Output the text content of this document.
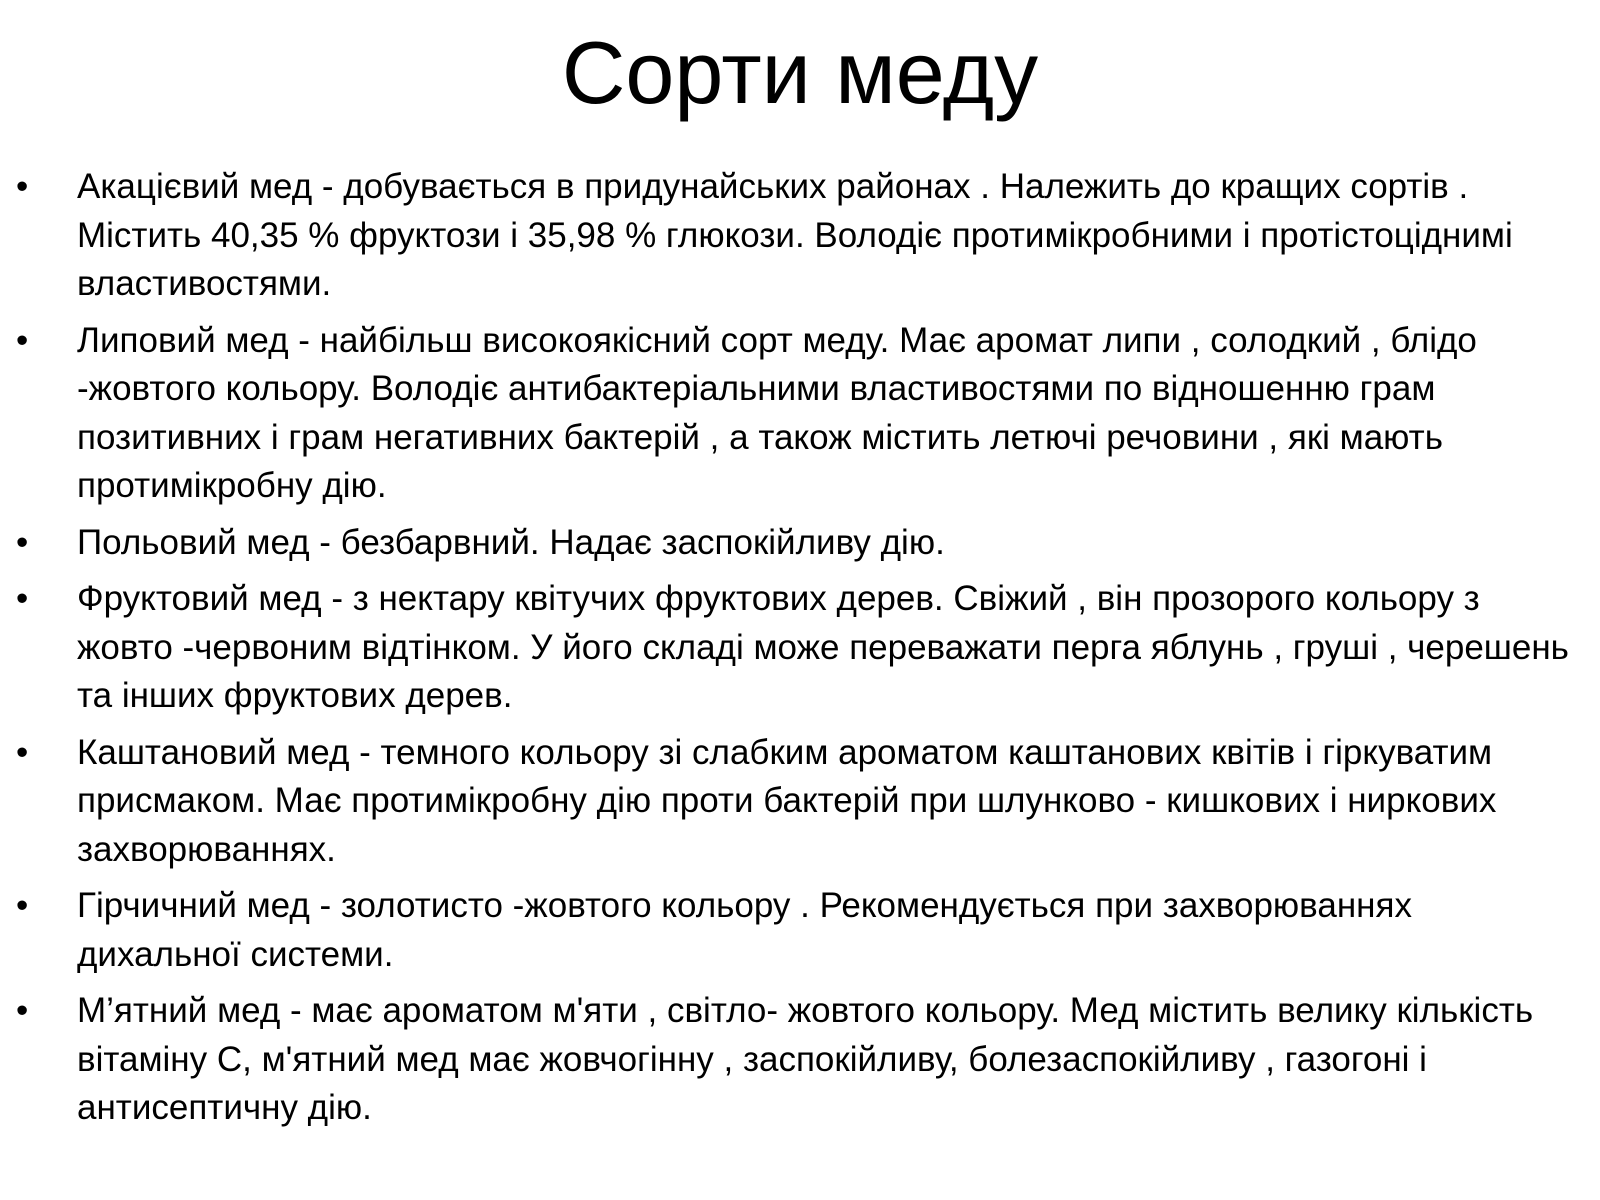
Сорти меду
• Акацієвий мед - добувається в придунайських районах . Належить до кращих сортів . Містить 40,35 % фруктози і 35,98 % глюкози. Володіє протимікробними і протістоціднимі властивостями.
• Липовий мед - найбільш високоякісний сорт меду. Має аромат липи , солодкий , блідо -жовтого кольору. Володіє антибактеріальними властивостями по відношенню грам позитивних і грам негативних бактерій , а також містить летючі речовини , які мають протимікробну дію.
• Польовий мед - безбарвний. Надає заспокійливу дію.
• Фруктовий мед - з нектару квітучих фруктових дерев. Свіжий , він прозорого кольору з жовто -червоним відтінком. У його складі може переважати перга яблунь , груші , черешень та інших фруктових дерев.
• Каштановий мед - темного кольору зі слабким ароматом каштанових квітів і гіркуватим присмаком. Має протимікробну дію проти бактерій при шлунково - кишкових і ниркових захворюваннях.
• Гірчичний мед - золотисто -жовтого кольору . Рекомендується при захворюваннях дихальної системи.
• М’ятний мед - має ароматом м'яти , світло- жовтого кольору. Мед містить велику кількість вітаміну С, м'ятний мед має жовчогінну , заспокійливу, болезаспокійливу , газогоні і антисептичну дію.
